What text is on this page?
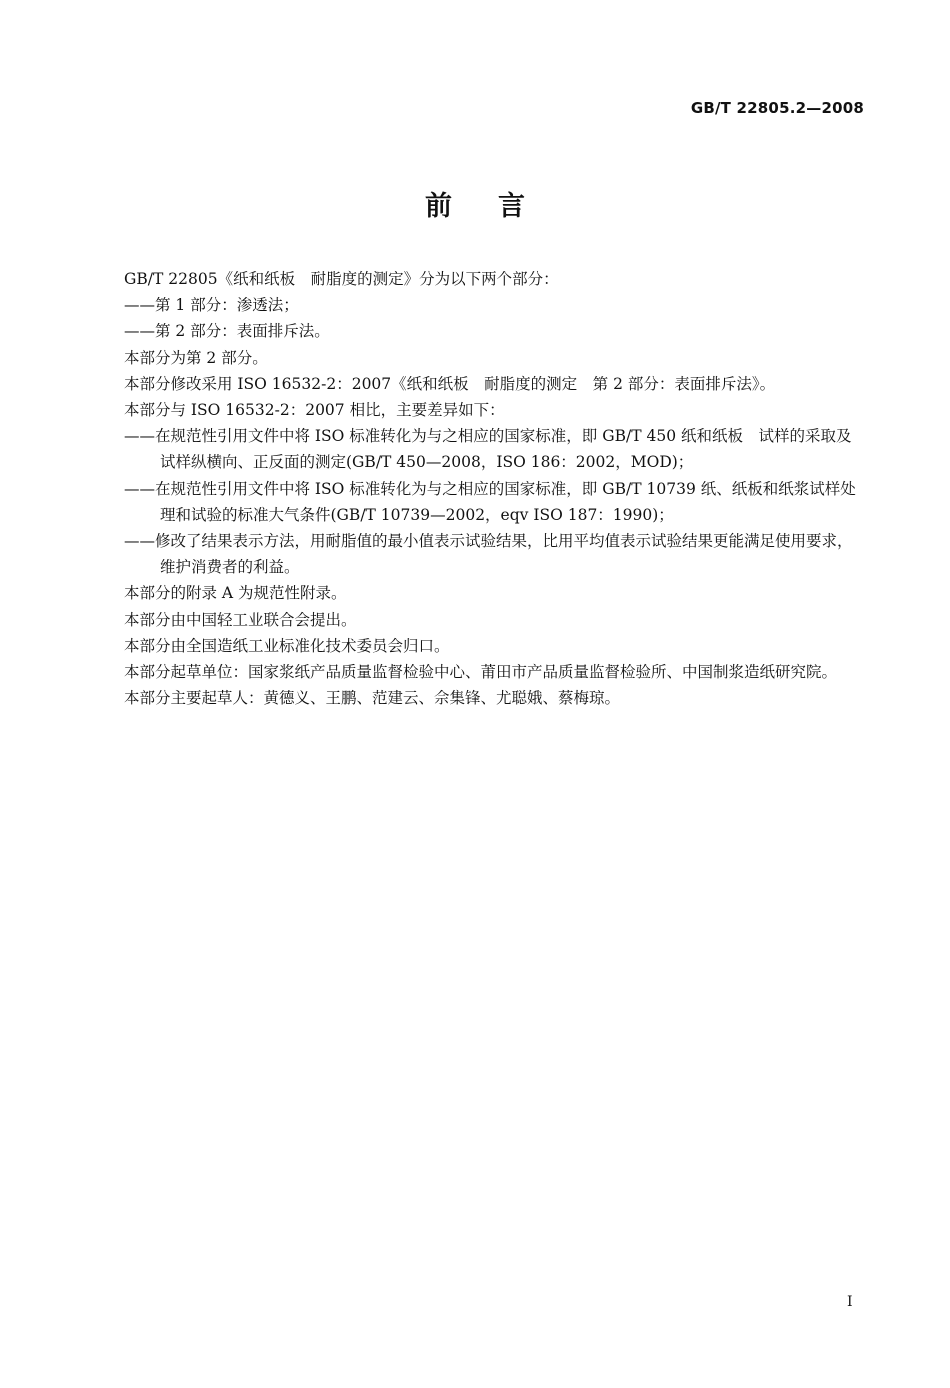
GB/T 22805.2—2008
前言

GB/T 22805《纸和纸板　耐脂度的测定》分为以下两个部分：

——第 1 部分：渗透法；

——第 2 部分：表面排斥法。

本部分为第 2 部分。

本部分修改采用 ISO 16532-2：2007《纸和纸板　耐脂度的测定　第 2 部分：表面排斥法》。

本部分与 ISO 16532-2：2007 相比，主要差异如下：

——在规范性引用文件中将 ISO 标准转化为与之相应的国家标准，即 GB/T 450 纸和纸板　试样的采取及试样纵横向、正反面的测定(GB/T 450—2008，ISO 186：2002，MOD)；

——在规范性引用文件中将 ISO 标准转化为与之相应的国家标准，即 GB/T 10739 纸、纸板和纸浆试样处理和试验的标准大气条件(GB/T 10739—2002，eqv ISO 187：1990)；

——修改了结果表示方法，用耐脂值的最小值表示试验结果，比用平均值表示试验结果更能满足使用要求，维护消费者的利益。

本部分的附录 A 为规范性附录。

本部分由中国轻工业联合会提出。

本部分由全国造纸工业标准化技术委员会归口。

本部分起草单位：国家浆纸产品质量监督检验中心、莆田市产品质量监督检验所、中国制浆造纸研究院。

本部分主要起草人：黄德义、王鹏、范建云、佘集锋、尤聪娥、蔡梅琼。

I
